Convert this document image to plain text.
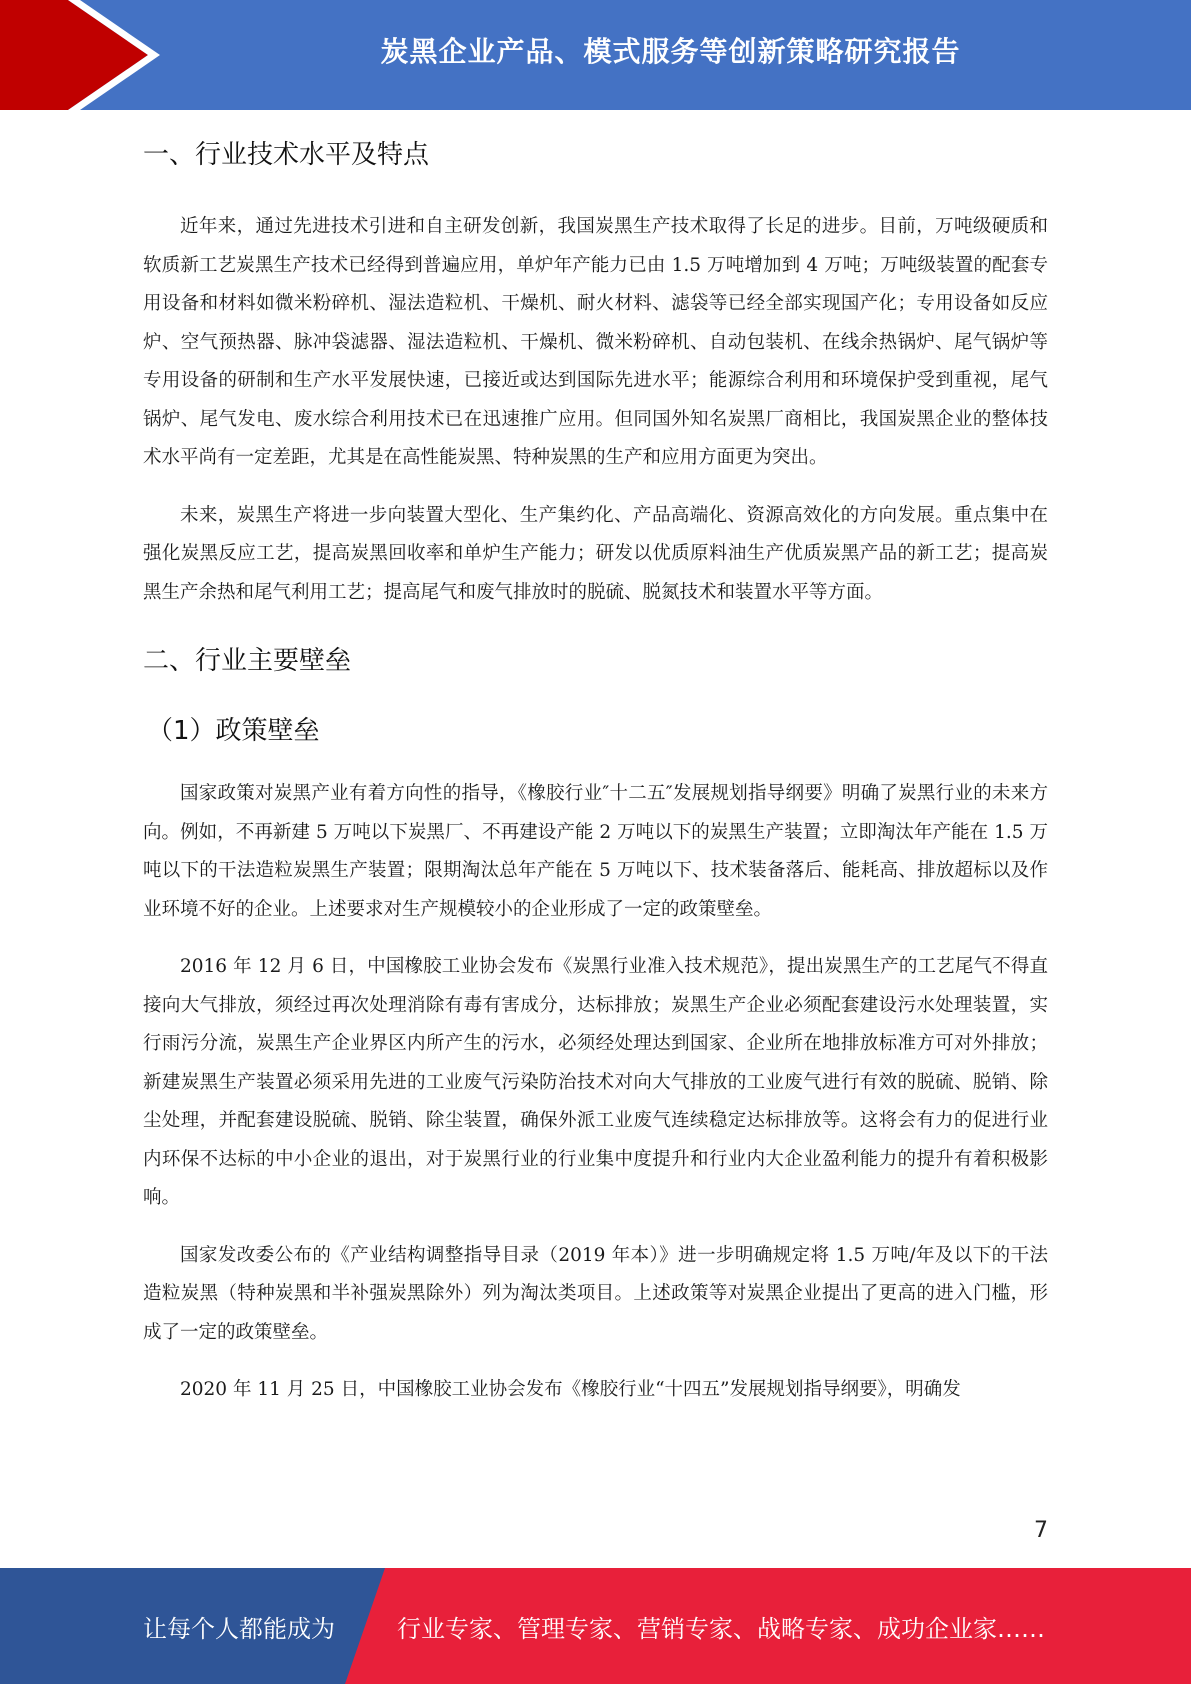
炭黑企业产品、模式服务等创新策略研究报告
一、行业技术水平及特点

近年来，通过先进技术引进和自主研发创新，我国炭黑生产技术取得了长足的进步。目前，万吨级硬质和软质新工艺炭黑生产技术已经得到普遍应用，单炉年产能力已由 1.5 万吨增加到 4 万吨；万吨级装置的配套专用设备和材料如微米粉碎机、湿法造粒机、干燥机、耐火材料、滤袋等已经全部实现国产化；专用设备如反应炉、空气预热器、脉冲袋滤器、湿法造粒机、干燥机、微米粉碎机、自动包装机、在线余热锅炉、尾气锅炉等专用设备的研制和生产水平发展快速，已接近或达到国际先进水平；能源综合利用和环境保护受到重视，尾气锅炉、尾气发电、废水综合利用技术已在迅速推广应用。但同国外知名炭黑厂商相比，我国炭黑企业的整体技术水平尚有一定差距，尤其是在高性能炭黑、特种炭黑的生产和应用方面更为突出。

未来，炭黑生产将进一步向装置大型化、生产集约化、产品高端化、资源高效化的方向发展。重点集中在强化炭黑反应工艺，提高炭黑回收率和单炉生产能力；研发以优质原料油生产优质炭黑产品的新工艺；提高炭黑生产余热和尾气利用工艺；提高尾气和废气排放时的脱硫、脱氮技术和装置水平等方面。

二、行业主要壁垒
（1）政策壁垒

国家政策对炭黑产业有着方向性的指导，《橡胶行业″十二五″发展规划指导纲要》明确了炭黑行业的未来方向。例如，不再新建 5 万吨以下炭黑厂、不再建设产能 2 万吨以下的炭黑生产装置；立即淘汰年产能在 1.5 万吨以下的干法造粒炭黑生产装置；限期淘汰总年产能在 5 万吨以下、技术装备落后、能耗高、排放超标以及作业环境不好的企业。上述要求对生产规模较小的企业形成了一定的政策壁垒。

2016 年 12 月 6 日，中国橡胶工业协会发布《炭黑行业准入技术规范》，提出炭黑生产的工艺尾气不得直接向大气排放，须经过再次处理消除有毒有害成分，达标排放；炭黑生产企业必须配套建设污水处理装置，实行雨污分流，炭黑生产企业界区内所产生的污水，必须经处理达到国家、企业所在地排放标准方可对外排放；新建炭黑生产装置必须采用先进的工业废气污染防治技术对向大气排放的工业废气进行有效的脱硫、脱销、除尘处理，并配套建设脱硫、脱销、除尘装置，确保外派工业废气连续稳定达标排放等。这将会有力的促进行业内环保不达标的中小企业的退出，对于炭黑行业的行业集中度提升和行业内大企业盈利能力的提升有着积极影响。

国家发改委公布的《产业结构调整指导目录（2019 年本）》进一步明确规定将 1.5 万吨/年及以下的干法造粒炭黑（特种炭黑和半补强炭黑除外）列为淘汰类项目。上述政策等对炭黑企业提出了更高的进入门槛，形成了一定的政策壁垒。

2020 年 11 月 25 日，中国橡胶工业协会发布《橡胶行业“十四五”发展规划指导纲要》，明确发

7
让每个人都能成为	行业专家、管理专家、营销专家、战略专家、成功企业家……
